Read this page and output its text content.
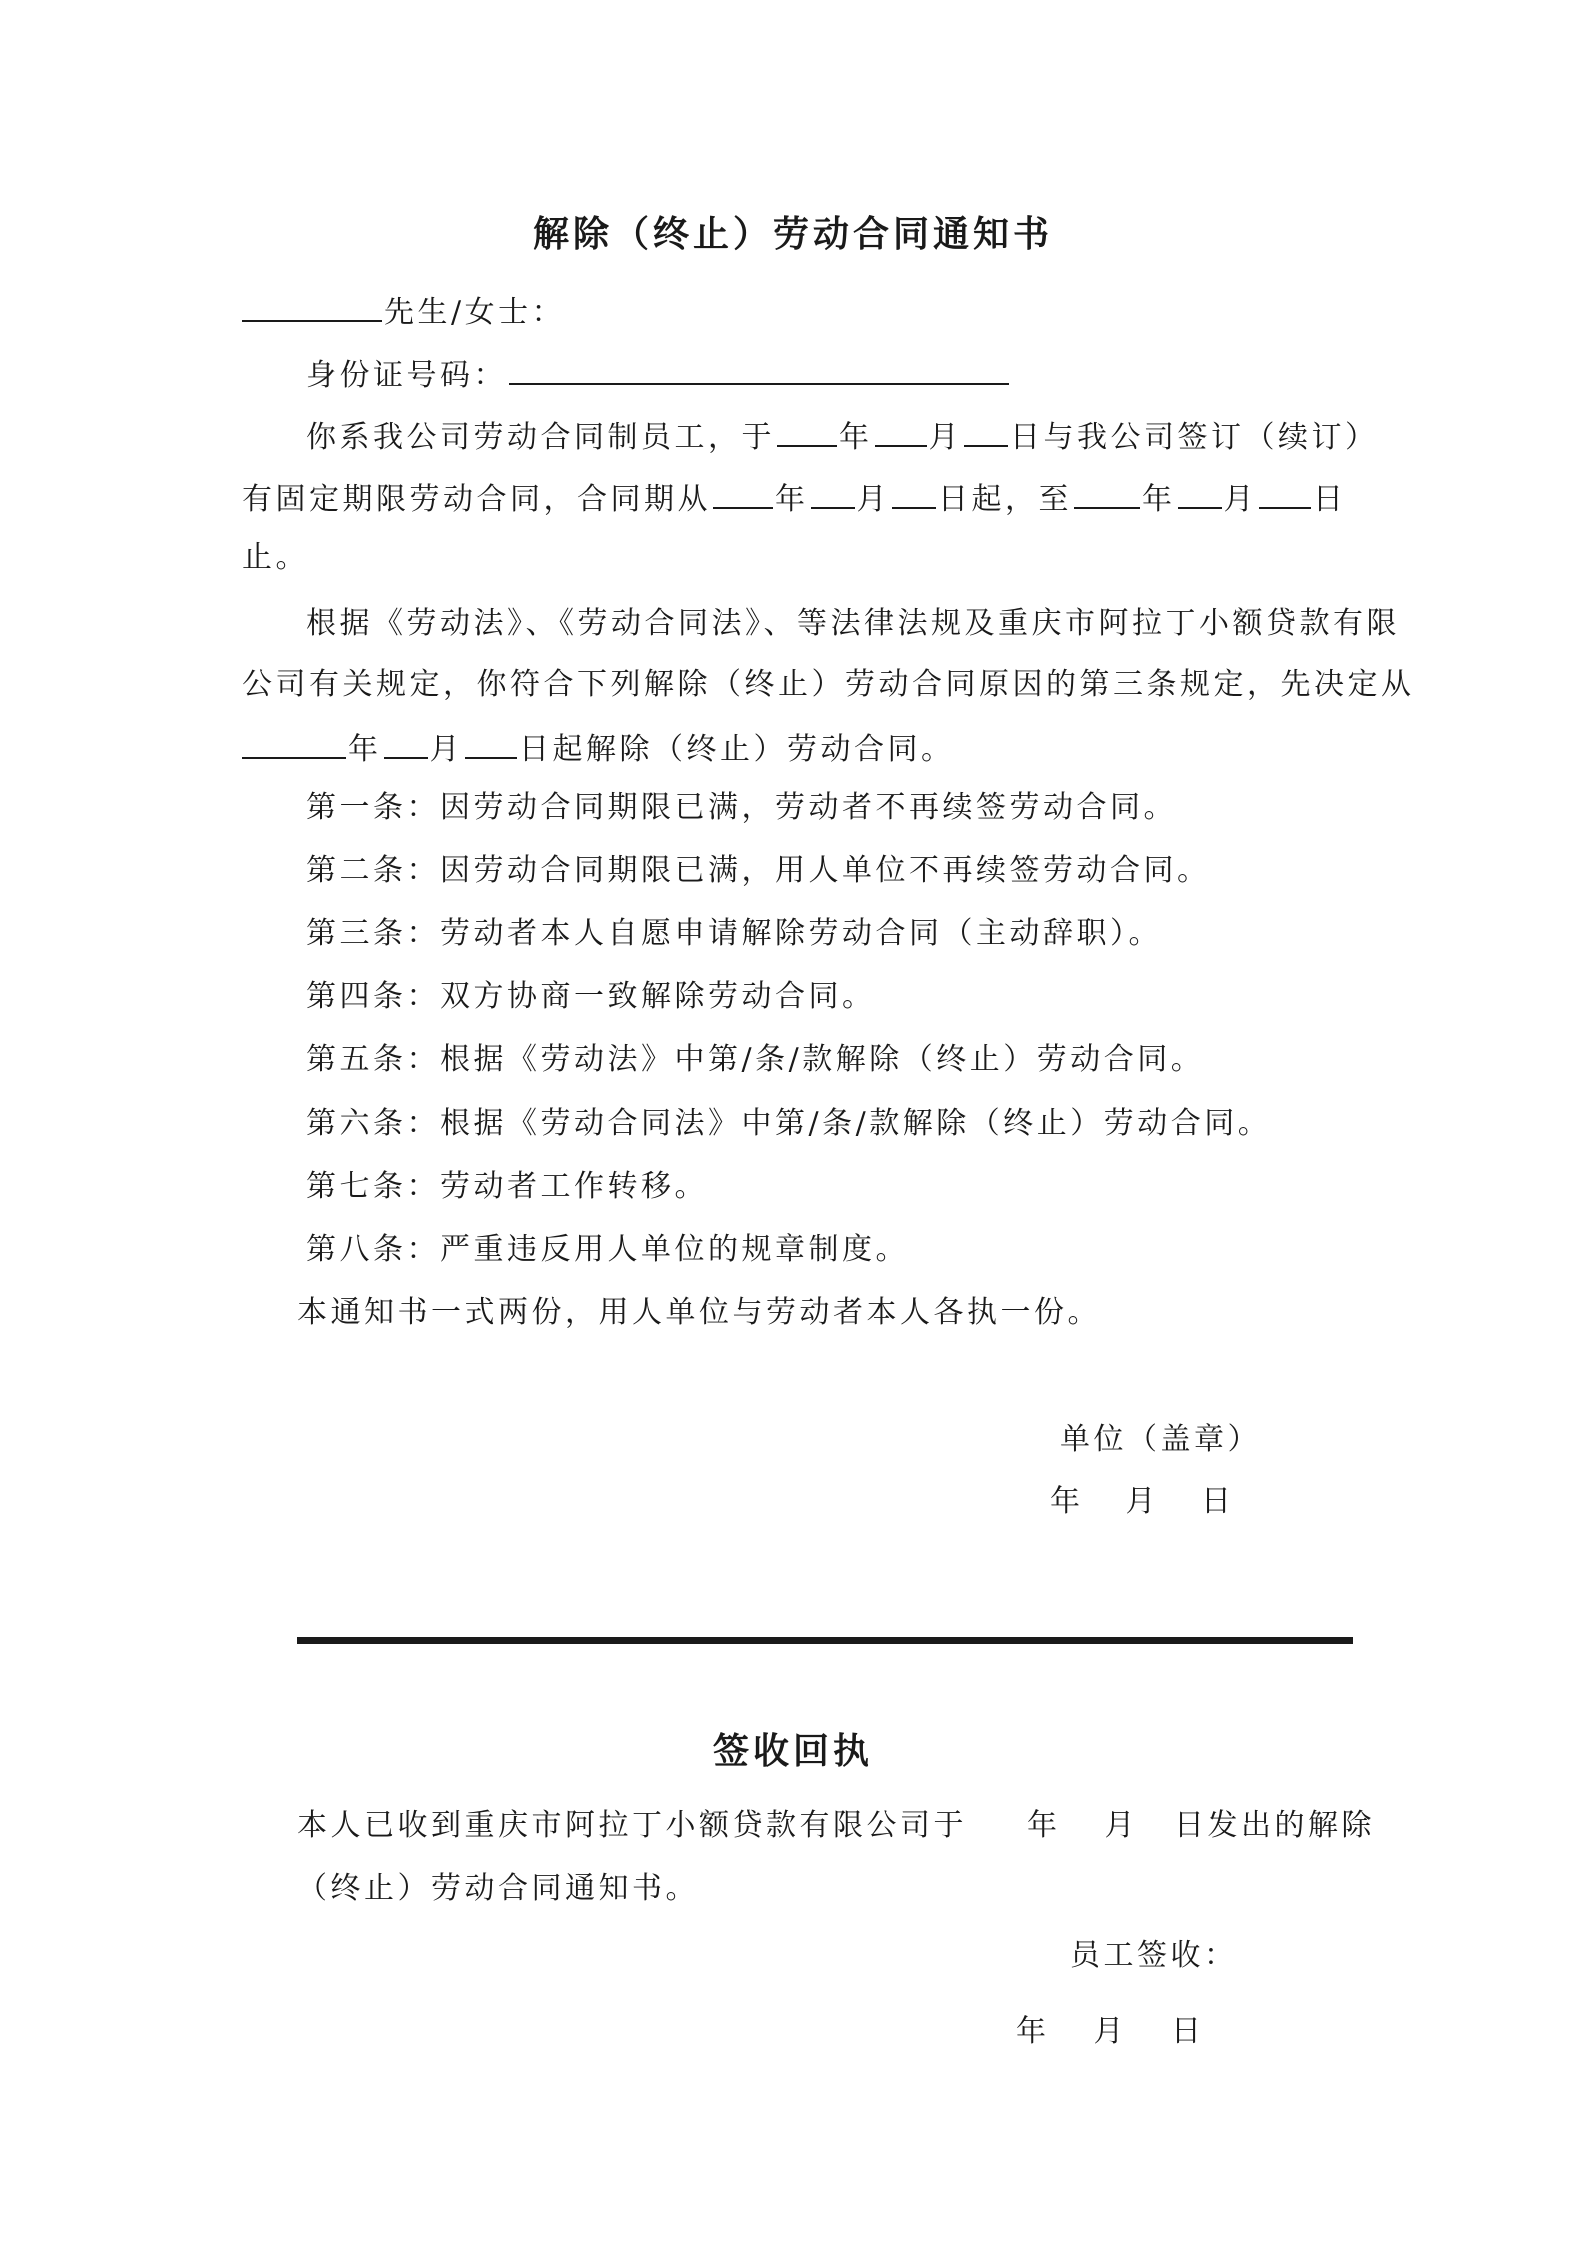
解除（终止）劳动合同通知书
先生/女士：
身份证号码：
你系我公司劳动合同制员工，于 年 月 日与我公司签订（续订）
有固定期限劳动合同，合同期从 年 月 日起，至 年 月 日
止。
根据《劳动法》、《劳动合同法》、等法律法规及重庆市阿拉丁小额贷款有限
公司有关规定，你符合下列解除（终止）劳动合同原因的第三条规定，先决定从
年 月 日起解除（终止）劳动合同。
第一条：因劳动合同期限已满，劳动者不再续签劳动合同。
第二条：因劳动合同期限已满，用人单位不再续签劳动合同。
第三条：劳动者本人自愿申请解除劳动合同（主动辞职）。
第四条：双方协商一致解除劳动合同。
第五条：根据《劳动法》中第/条/款解除（终止）劳动合同。
第六条：根据《劳动合同法》中第/条/款解除（终止）劳动合同。
第七条：劳动者工作转移。
第八条：严重违反用人单位的规章制度。
本通知书一式两份，用人单位与劳动者本人各执一份。
单位（盖章）
年 月 日
签收回执
本人已收到重庆市阿拉丁小额贷款有限公司于 年 月 日发出的解除
（终止）劳动合同通知书。
员工签收：
年 月 日
